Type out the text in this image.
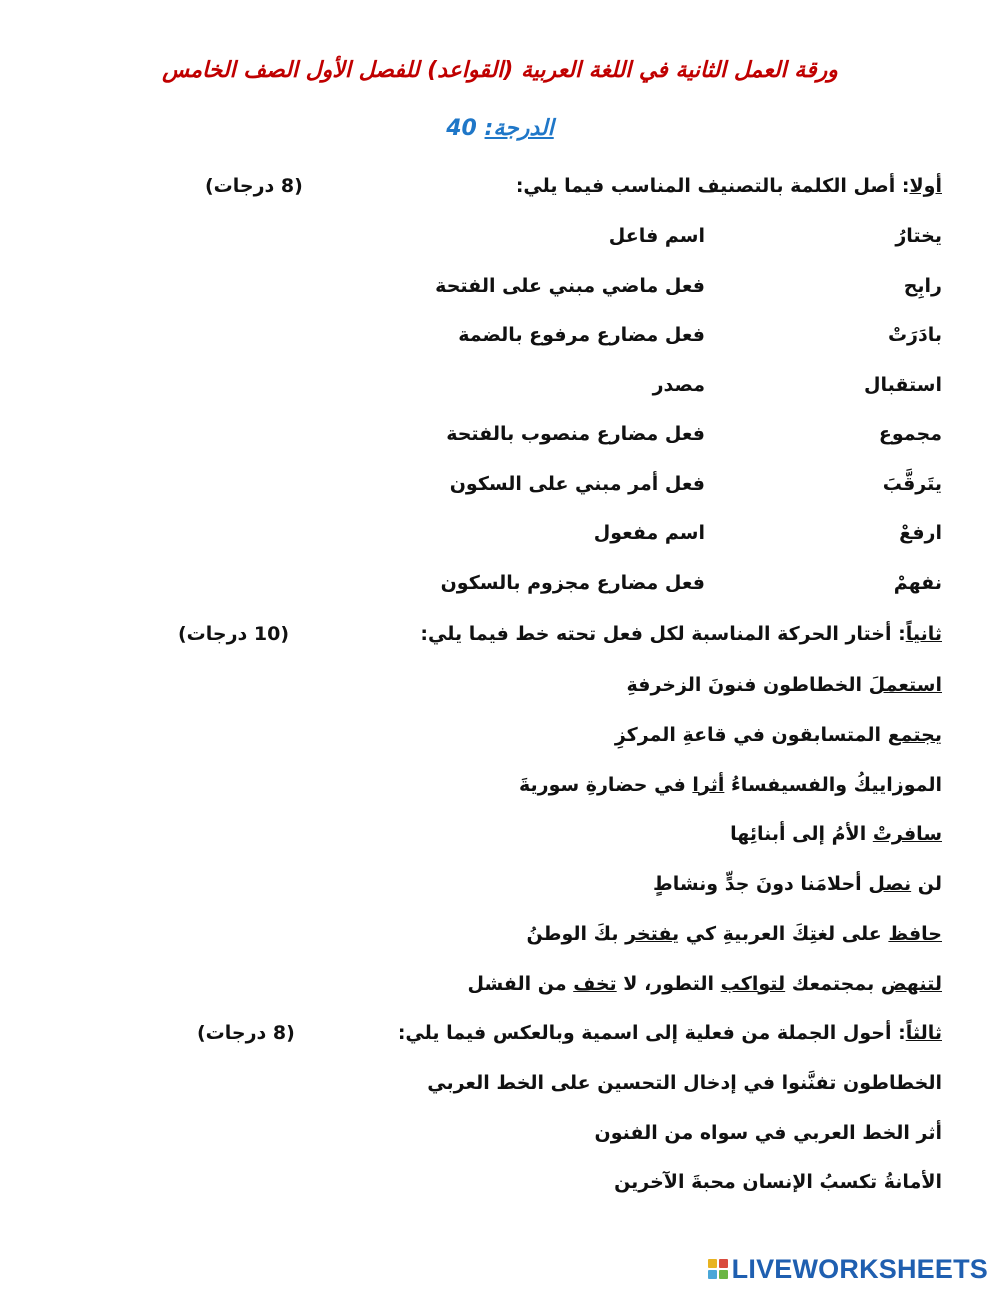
ورقة العمل الثانية في اللغة العربية (القواعد) للفصل الأول الصف الخامس
الدرجة: 40
أولا: أصل الكلمة بالتصنيف المناسب فيما يلي:
(8 درجات)
يختارُ
اسم فاعل
رابِح
فعل ماضي مبني على الفتحة
بادَرَتْ
فعل مضارع مرفوع بالضمة
استقبال
مصدر
مجموع
فعل مضارع منصوب بالفتحة
يتَرقَّبَ
فعل أمر مبني على السكون
ارفعْ
اسم مفعول
نفهمْ
فعل مضارع مجزوم بالسكون
ثانياً: أختار الحركة المناسبة لكل فعل تحته خط فيما يلي:
(10 درجات)
استعملَ الخطاطون فنونَ الزخرفةِ
يجتمع المتسابقون في قاعةِ المركزِ
الموزاييكُ والفسيفساءُ أثرا في حضارةِ سوريةَ
سافرتْ الأمُ إلى أبنائِها
لن نصل أحلامَنا دونَ جدٍّ ونشاطٍ
حافظ على لغتِكَ العربيةِ كي يفتخر بكَ الوطنُ
لتنهض بمجتمعك لتواكب التطور، لا تخف من الفشل
ثالثاً: أحول الجملة من فعلية إلى اسمية وبالعكس فيما يلي:
(8 درجات)
الخطاطون تفنَّنوا في إدخال التحسين على الخط العربي
أثر الخط العربي في سواه من الفنون
الأمانةُ تكسبُ الإنسان محبةَ الآخرين
LIVEWORKSHEETS
